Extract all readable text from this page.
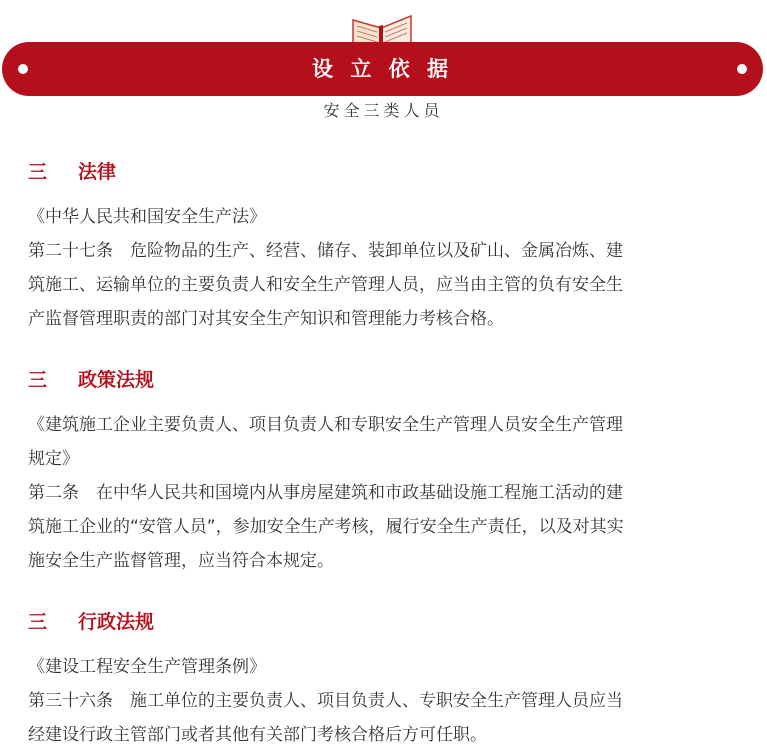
设 立 依 据
安全三类人员
三	法律

《中华人民共和国安全生产法》

第二十七条　危险物品的生产、经营、储存、装卸单位以及矿山、金属冶炼、建

筑施工、运输单位的主要负责人和安全生产管理人员，应当由主管的负有安全生

产监督管理职责的部门对其安全生产知识和管理能力考核合格。

三	政策法规

《建筑施工企业主要负责人、项目负责人和专职安全生产管理人员安全生产管理

规定》

第二条　在中华人民共和国境内从事房屋建筑和市政基础设施工程施工活动的建

筑施工企业的“安管人员”，参加安全生产考核，履行安全生产责任，以及对其实

施安全生产监督管理，应当符合本规定。

三	行政法规

《建设工程安全生产管理条例》

第三十六条　施工单位的主要负责人、项目负责人、专职安全生产管理人员应当

经建设行政主管部门或者其他有关部门考核合格后方可任职。
